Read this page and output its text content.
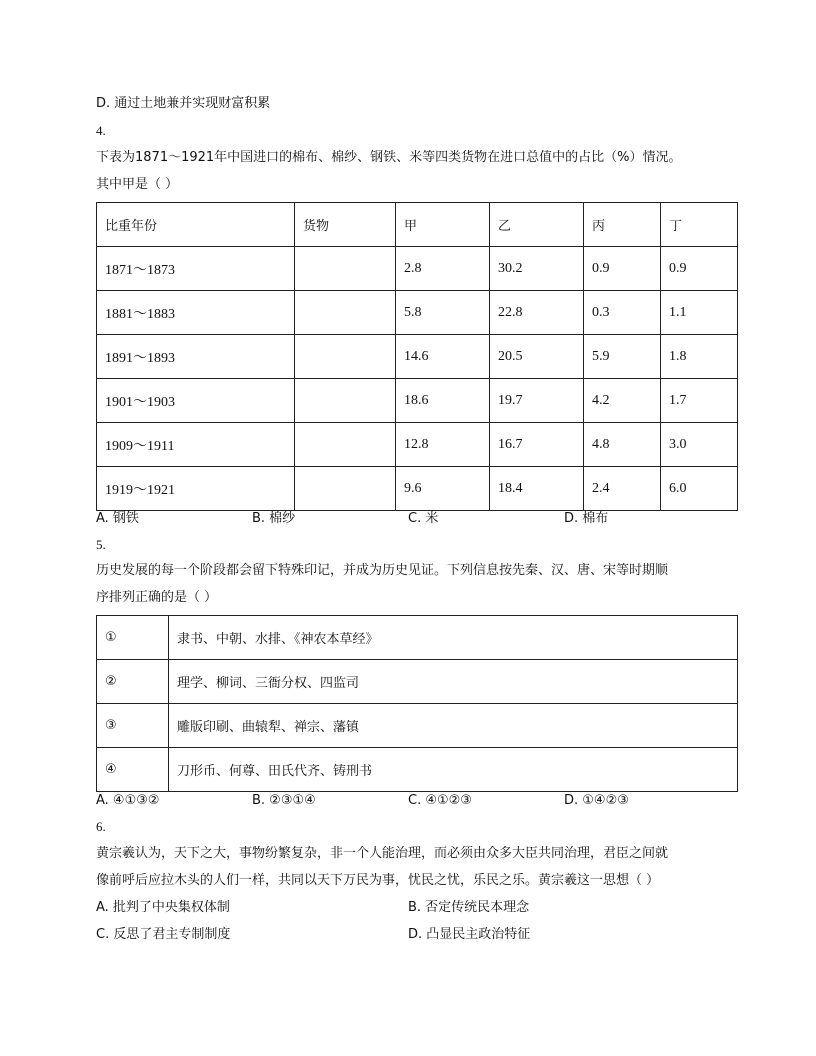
D. 通过土地兼并实现财富积累
4.
下表为1871～1921年中国进口的棉布、棉纱、钢铁、米等四类货物在进口总值中的占比（%）情况。
其中甲是（ ）
比重年份	货物	甲	乙	丙	丁
1871～1873		2.8	30.2	0.9	0.9
1881～1883		5.8	22.8	0.3	1.1
1891～1893		14.6	20.5	5.9	1.8
1901～1903		18.6	19.7	4.2	1.7
1909～1911		12.8	16.7	4.8	3.0
1919～1921		9.6	18.4	2.4	6.0
A. 钢铁	B. 棉纱	C. 米	D. 棉布
5.
历史发展的每一个阶段都会留下特殊印记，并成为历史见证。下列信息按先秦、汉、唐、宋等时期顺
序排列正确的是（ ）
①	隶书、中朝、水排、《神农本草经》
②	理学、柳词、三衙分权、四监司
③	雕版印刷、曲辕犁、禅宗、藩镇
④	刀形币、何尊、田氏代齐、铸刑书
A. ④①③②	B. ②③①④	C. ④①②③	D. ①④②③
6.
黄宗羲认为，天下之大，事物纷繁复杂，非一个人能治理，而必须由众多大臣共同治理，君臣之间就
像前呼后应拉木头的人们一样，共同以天下万民为事，忧民之忧，乐民之乐。黄宗羲这一思想（ ）
A. 批判了中央集权体制	B. 否定传统民本理念
C. 反思了君主专制制度	D. 凸显民主政治特征
